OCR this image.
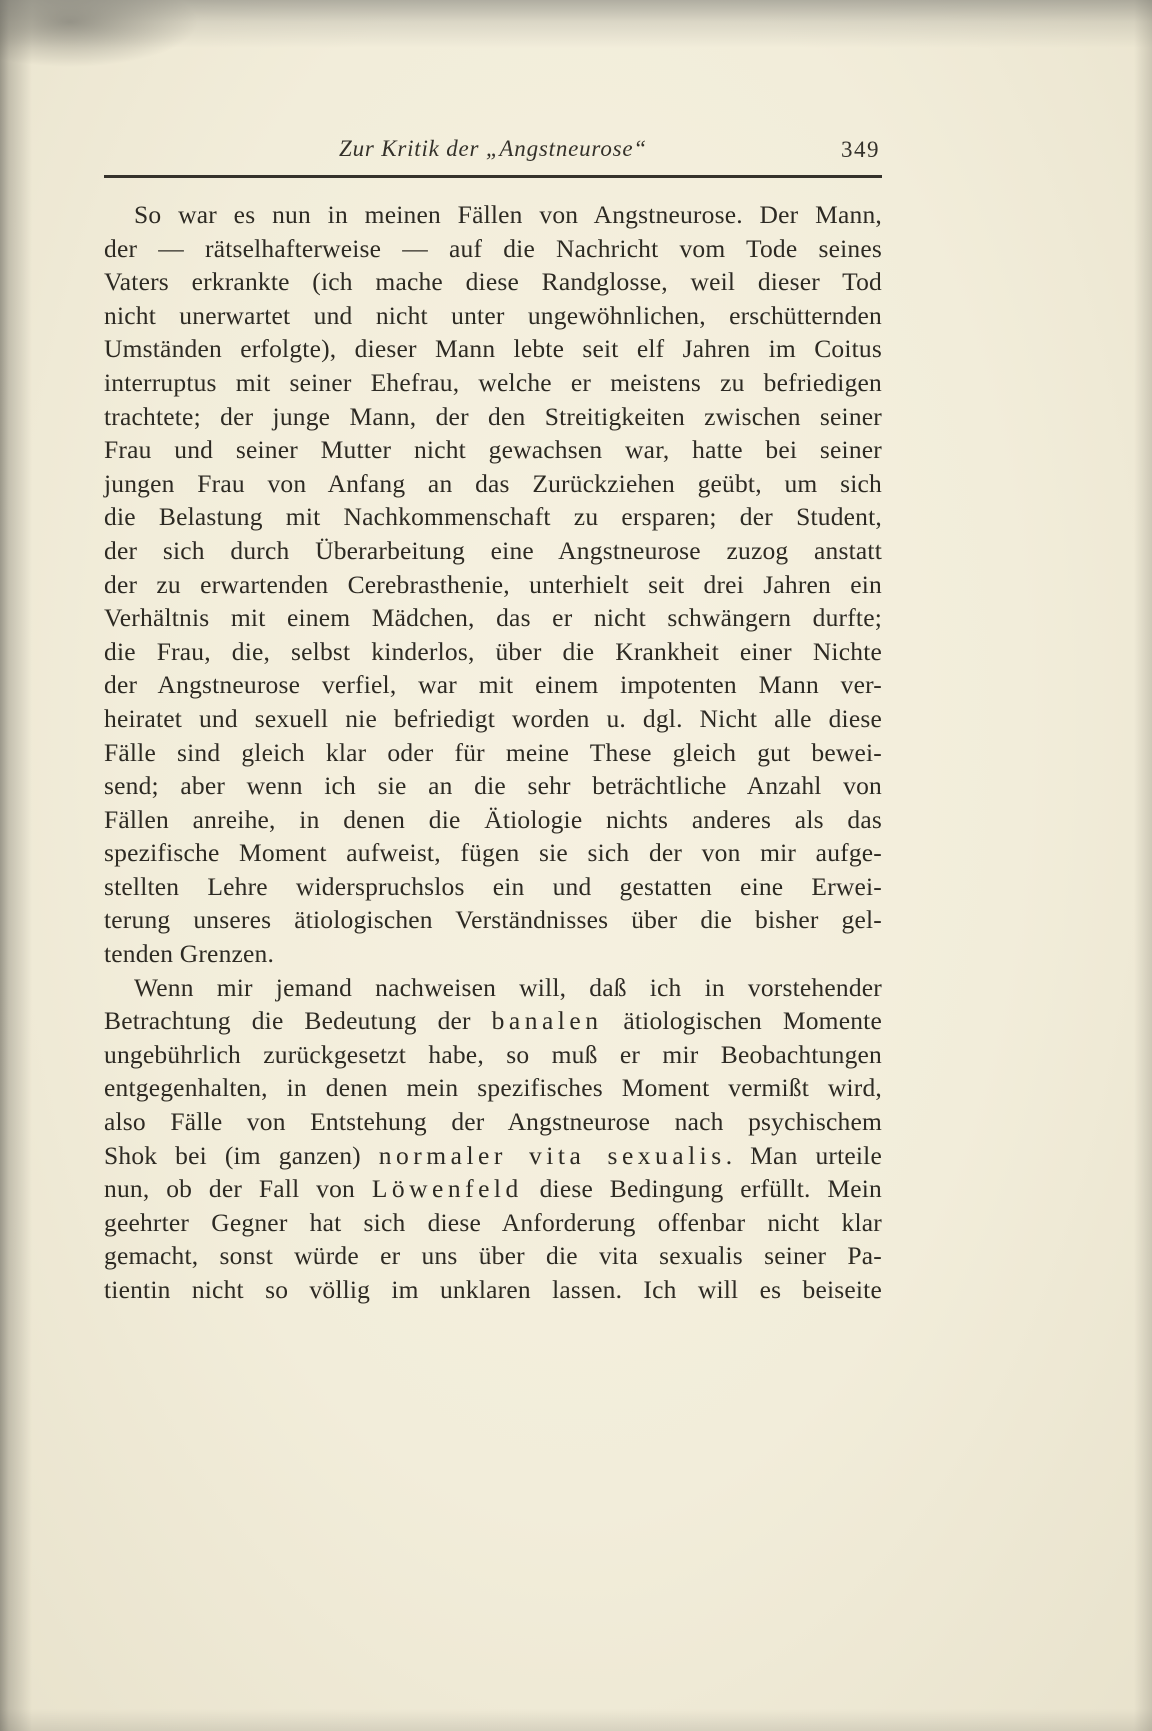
Zur Kritik der „Angstneurose“	349
So war es nun in meinen Fällen von Angstneurose. Der Mann,
der — rätselhafterweise — auf die Nachricht vom Tode seines
Vaters erkrankte (ich mache diese Randglosse, weil dieser Tod
nicht unerwartet und nicht unter ungewöhnlichen, erschütternden
Umständen erfolgte), dieser Mann lebte seit elf Jahren im Coitus
interruptus mit seiner Ehefrau, welche er meistens zu befriedigen
trachtete; der junge Mann, der den Streitigkeiten zwischen seiner
Frau und seiner Mutter nicht gewachsen war, hatte bei seiner
jungen Frau von Anfang an das Zurückziehen geübt, um sich
die Belastung mit Nachkommenschaft zu ersparen; der Student,
der sich durch Überarbeitung eine Angstneurose zuzog anstatt
der zu erwartenden Cerebrasthenie, unterhielt seit drei Jahren ein
Verhältnis mit einem Mädchen, das er nicht schwängern durfte;
die Frau, die, selbst kinderlos, über die Krankheit einer Nichte
der Angstneurose verfiel, war mit einem impotenten Mann ver-
heiratet und sexuell nie befriedigt worden u. dgl. Nicht alle diese
Fälle sind gleich klar oder für meine These gleich gut bewei-
send; aber wenn ich sie an die sehr beträchtliche Anzahl von
Fällen anreihe, in denen die Ätiologie nichts anderes als das
spezifische Moment aufweist, fügen sie sich der von mir aufge-
stellten Lehre widerspruchslos ein und gestatten eine Erwei-
terung unseres ätiologischen Verständnisses über die bisher gel-
tenden Grenzen.
Wenn mir jemand nachweisen will, daß ich in vorstehender
Betrachtung die Bedeutung der banalen ätiologischen Momente
ungebührlich zurückgesetzt habe, so muß er mir Beobachtungen
entgegenhalten, in denen mein spezifisches Moment vermißt wird,
also Fälle von Entstehung der Angstneurose nach psychischem
Shok bei (im ganzen) normaler vita sexualis. Man urteile
nun, ob der Fall von Löwenfeld diese Bedingung erfüllt. Mein
geehrter Gegner hat sich diese Anforderung offenbar nicht klar
gemacht, sonst würde er uns über die vita sexualis seiner Pa-
tientin nicht so völlig im unklaren lassen. Ich will es beiseite
